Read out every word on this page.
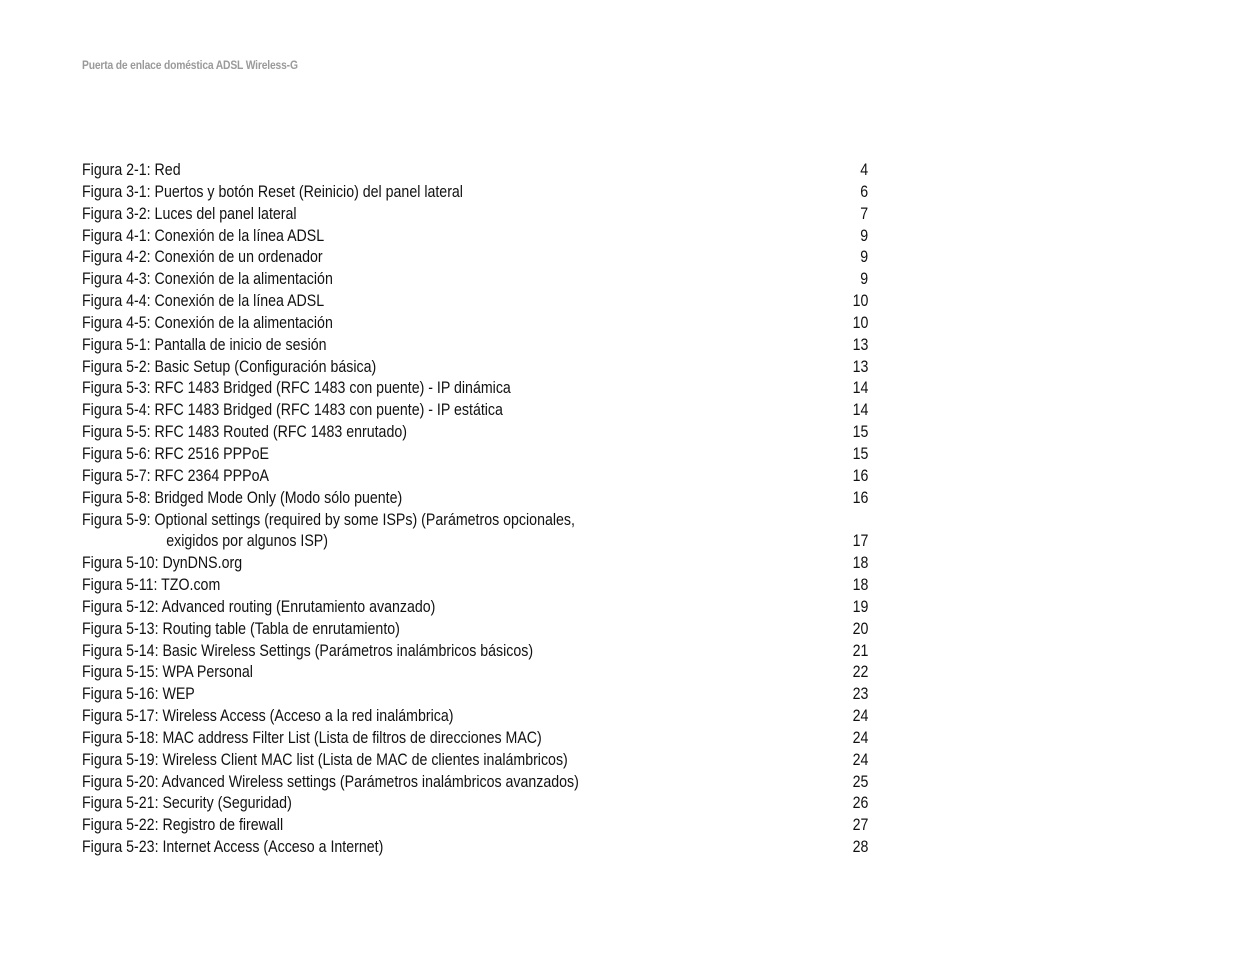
Puerta de enlace doméstica ADSL Wireless-G
Figura 2-1: Red	4
Figura 3-1: Puertos y botón Reset (Reinicio) del panel lateral	6
Figura 3-2: Luces del panel lateral	7
Figura 4-1: Conexión de la línea ADSL	9
Figura 4-2: Conexión de un ordenador	9
Figura 4-3: Conexión de la alimentación	9
Figura 4-4: Conexión de la línea ADSL	10
Figura 4-5: Conexión de la alimentación	10
Figura 5-1: Pantalla de inicio de sesión	13
Figura 5-2: Basic Setup (Configuración básica)	13
Figura 5-3: RFC 1483 Bridged (RFC 1483 con puente) - IP dinámica	14
Figura 5-4: RFC 1483 Bridged (RFC 1483 con puente) - IP estática	14
Figura 5-5: RFC 1483 Routed (RFC 1483 enrutado)	15
Figura 5-6: RFC 2516 PPPoE	15
Figura 5-7: RFC 2364 PPPoA	16
Figura 5-8: Bridged Mode Only (Modo sólo puente)	16
Figura 5-9: Optional settings (required by some ISPs) (Parámetros opcionales,
exigidos por algunos ISP)	17
Figura 5-10: DynDNS.org	18
Figura 5-11: TZO.com	18
Figura 5-12: Advanced routing (Enrutamiento avanzado)	19
Figura 5-13: Routing table (Tabla de enrutamiento)	20
Figura 5-14: Basic Wireless Settings (Parámetros inalámbricos básicos)	21
Figura 5-15: WPA Personal	22
Figura 5-16: WEP	23
Figura 5-17: Wireless Access (Acceso a la red inalámbrica)	24
Figura 5-18: MAC address Filter List (Lista de filtros de direcciones MAC)	24
Figura 5-19: Wireless Client MAC list (Lista de MAC de clientes inalámbricos)	24
Figura 5-20: Advanced Wireless settings (Parámetros inalámbricos avanzados)	25
Figura 5-21: Security (Seguridad)	26
Figura 5-22: Registro de firewall	27
Figura 5-23: Internet Access (Acceso a Internet)	28
